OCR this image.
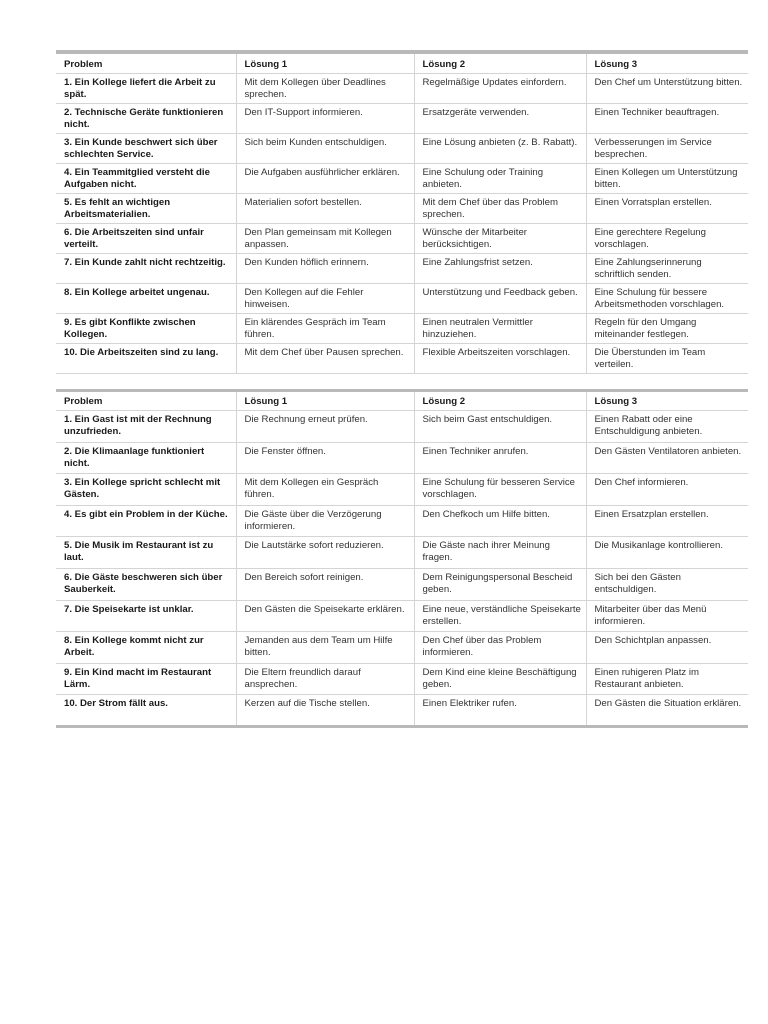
Problem	Lösung 1	Lösung 2	Lösung 3
1. Ein Kollege liefert die Arbeit zu spät.	Mit dem Kollegen über Deadlines sprechen.	Regelmäßige Updates einfordern.	Den Chef um Unterstützung bitten.
2. Technische Geräte funktionieren nicht.	Den IT-Support informieren.	Ersatzgeräte verwenden.	Einen Techniker beauftragen.
3. Ein Kunde beschwert sich über schlechten Service.	Sich beim Kunden entschuldigen.	Eine Lösung anbieten (z. B. Rabatt).	Verbesserungen im Service besprechen.
4. Ein Teammitglied versteht die Aufgaben nicht.	Die Aufgaben ausführlicher erklären.	Eine Schulung oder Training anbieten.	Einen Kollegen um Unterstützung bitten.
5. Es fehlt an wichtigen Arbeitsmaterialien.	Materialien sofort bestellen.	Mit dem Chef über das Problem sprechen.	Einen Vorratsplan erstellen.
6. Die Arbeitszeiten sind unfair verteilt.	Den Plan gemeinsam mit Kollegen anpassen.	Wünsche der Mitarbeiter berücksichtigen.	Eine gerechtere Regelung vorschlagen.
7. Ein Kunde zahlt nicht rechtzeitig.	Den Kunden höflich erinnern.	Eine Zahlungsfrist setzen.	Eine Zahlungserinnerung schriftlich senden.
8. Ein Kollege arbeitet ungenau.	Den Kollegen auf die Fehler hinweisen.	Unterstützung und Feedback geben.	Eine Schulung für bessere Arbeitsmethoden vorschlagen.
9. Es gibt Konflikte zwischen Kollegen.	Ein klärendes Gespräch im Team führen.	Einen neutralen Vermittler hinzuziehen.	Regeln für den Umgang miteinander festlegen.
10. Die Arbeitszeiten sind zu lang.	Mit dem Chef über Pausen sprechen.	Flexible Arbeitszeiten vorschlagen.	Die Überstunden im Team verteilen.
Problem	Lösung 1	Lösung 2	Lösung 3
1. Ein Gast ist mit der Rechnung unzufrieden.	Die Rechnung erneut prüfen.	Sich beim Gast entschuldigen.	Einen Rabatt oder eine Entschuldigung anbieten.
2. Die Klimaanlage funktioniert nicht.	Die Fenster öffnen.	Einen Techniker anrufen.	Den Gästen Ventilatoren anbieten.
3. Ein Kollege spricht schlecht mit Gästen.	Mit dem Kollegen ein Gespräch führen.	Eine Schulung für besseren Service vorschlagen.	Den Chef informieren.
4. Es gibt ein Problem in der Küche.	Die Gäste über die Verzögerung informieren.	Den Chefkoch um Hilfe bitten.	Einen Ersatzplan erstellen.
5. Die Musik im Restaurant ist zu laut.	Die Lautstärke sofort reduzieren.	Die Gäste nach ihrer Meinung fragen.	Die Musikanlage kontrollieren.
6. Die Gäste beschweren sich über Sauberkeit.	Den Bereich sofort reinigen.	Dem Reinigungspersonal Bescheid geben.	Sich bei den Gästen entschuldigen.
7. Die Speisekarte ist unklar.	Den Gästen die Speisekarte erklären.	Eine neue, verständliche Speisekarte erstellen.	Mitarbeiter über das Menü informieren.
8. Ein Kollege kommt nicht zur Arbeit.	Jemanden aus dem Team um Hilfe bitten.	Den Chef über das Problem informieren.	Den Schichtplan anpassen.
9. Ein Kind macht im Restaurant Lärm.	Die Eltern freundlich darauf ansprechen.	Dem Kind eine kleine Beschäftigung geben.	Einen ruhigeren Platz im Restaurant anbieten.
10. Der Strom fällt aus.	Kerzen auf die Tische stellen.	Einen Elektriker rufen.	Den Gästen die Situation erklären.
